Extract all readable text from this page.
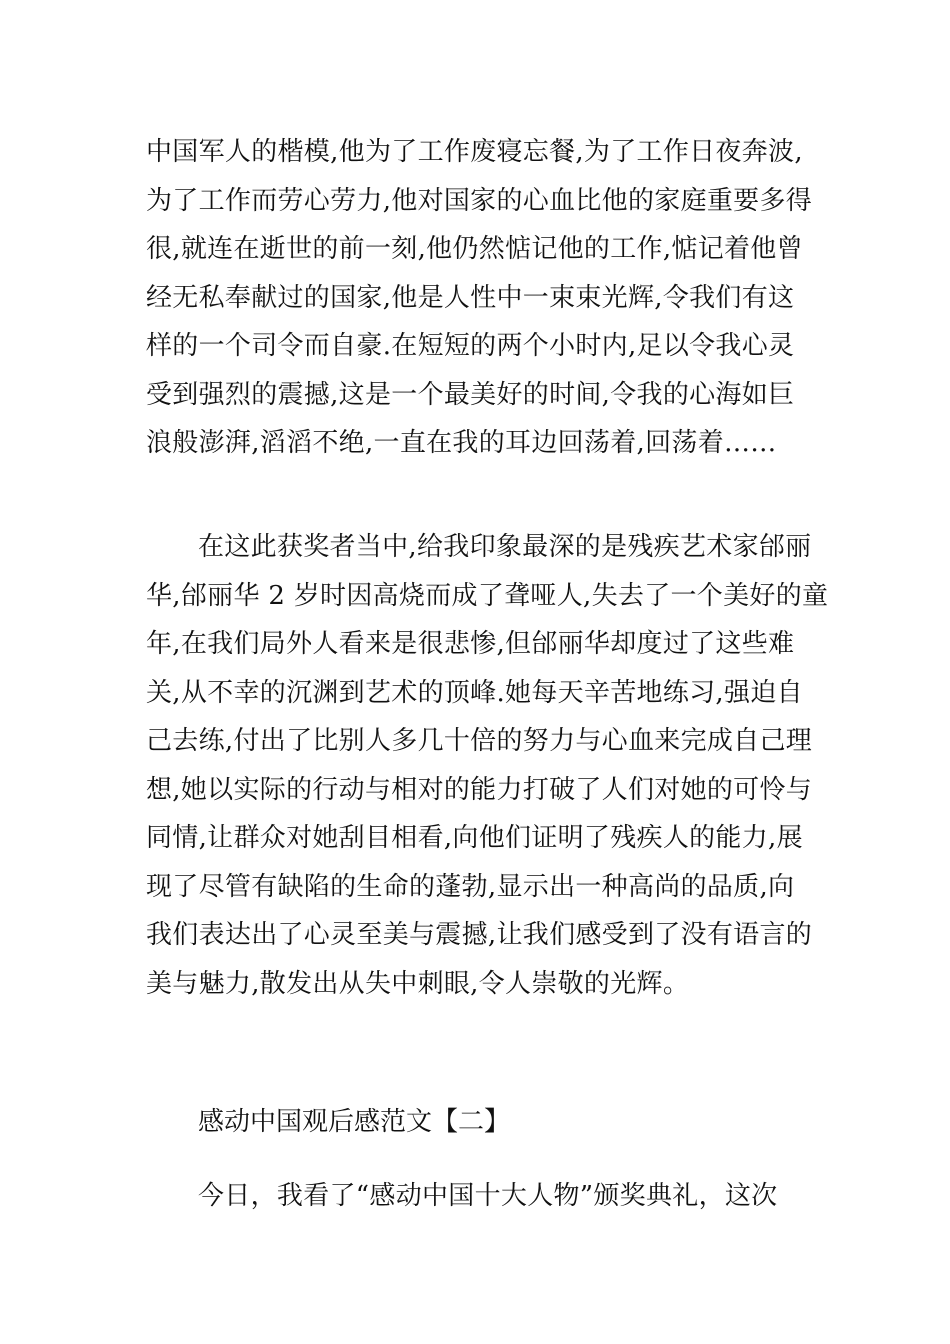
中国军人的楷模,他为了工作废寝忘餐,为了工作日夜奔波,
为了工作而劳心劳力,他对国家的心血比他的家庭重要多得
很,就连在逝世的前一刻,他仍然惦记他的工作,惦记着他曾
经无私奉献过的国家,他是人性中一束束光辉,令我们有这
样的一个司令而自豪.在短短的两个小时内,足以令我心灵
受到强烈的震撼,这是一个最美好的时间,令我的心海如巨
浪般澎湃,滔滔不绝,一直在我的耳边回荡着,回荡着……
在这此获奖者当中,给我印象最深的是残疾艺术家邰丽
华,邰丽华 2 岁时因高烧而成了聋哑人,失去了一个美好的童
年,在我们局外人看来是很悲惨,但邰丽华却度过了这些难
关,从不幸的沉渊到艺术的顶峰.她每天辛苦地练习,强迫自
己去练,付出了比别人多几十倍的努力与心血来完成自己理
想,她以实际的行动与相对的能力打破了人们对她的可怜与
同情,让群众对她刮目相看,向他们证明了残疾人的能力,展
现了尽管有缺陷的生命的蓬勃,显示出一种高尚的品质,向
我们表达出了心灵至美与震撼,让我们感受到了没有语言的
美与魅力,散发出从失中刺眼,令人崇敬的光辉。
感动中国观后感范文【二】
今日，我看了“感动中国十大人物”颁奖典礼，这次
